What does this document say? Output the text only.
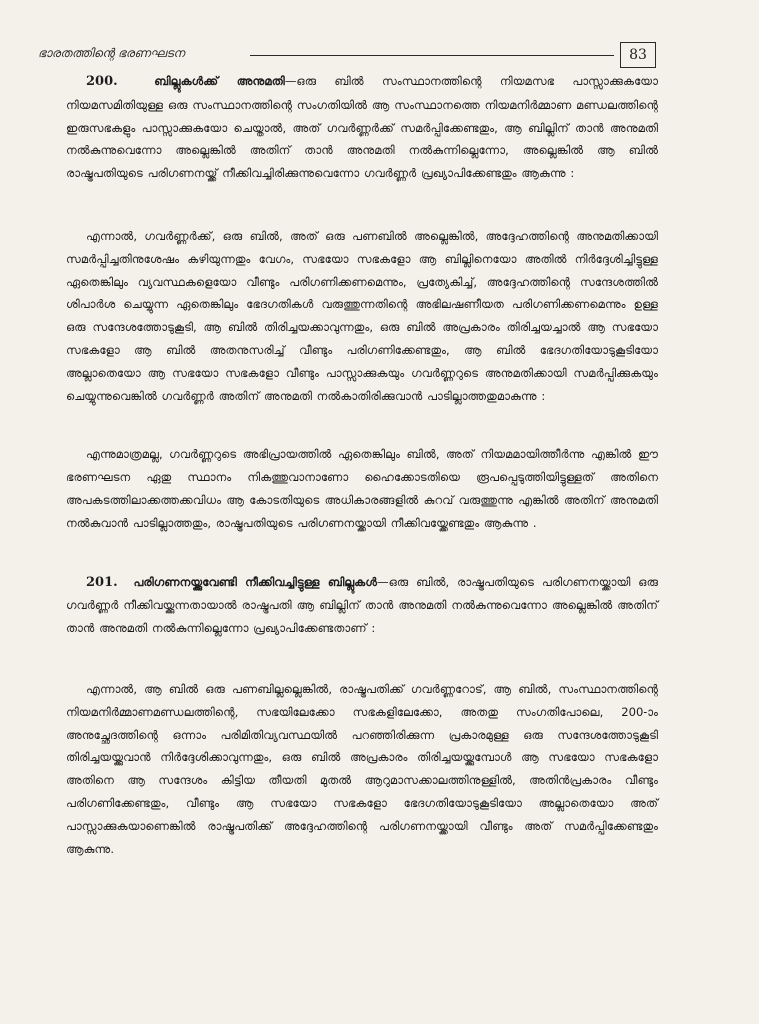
ഭാരതത്തിന്റെ ഭരണഘടന	83

200.	ബില്ലുകൾക്ക് അനുമതി—ഒരു ബിൽ സംസ്ഥാനത്തിന്റെ നിയമസഭ പാസ്സാക്കുകയോ നിയമസമിതിയുള്ള ഒരു സംസ്ഥാനത്തിന്റെ സംഗതിയിൽ ആ സംസ്ഥാനത്തെ നിയമനിർമ്മാണ മണ്ഡലത്തിന്റെ ഇരുസഭകളും പാസ്സാക്കുകയോ ചെയ്താൽ, അത് ഗവർണ്ണർക്ക് സമർപ്പിക്കേണ്ടതും, ആ ബില്ലിന് താൻ അനുമതി നൽകുന്നുവെന്നോ അല്ലെങ്കിൽ അതിന് താൻ അനുമതി നൽകുന്നില്ലെന്നോ, അല്ലെങ്കിൽ ആ ബിൽ രാഷ്ട്രപതിയുടെ പരിഗണനയ്ക്ക് നീക്കിവച്ചിരിക്കുന്നുവെന്നോ ഗവർണ്ണർ പ്രഖ്യാപിക്കേണ്ടതും ആകുന്നു :

എന്നാൽ, ഗവർണ്ണർക്ക്, ഒരു ബിൽ, അത് ഒരു പണബിൽ അല്ലെങ്കിൽ, അദ്ദേഹത്തിന്റെ അനുമതിക്കായി സമർപ്പിച്ചതിനുശേഷം കഴിയുന്നതും വേഗം, സഭയോ സഭകളോ ആ ബില്ലിനെയോ അതിൽ നിർദ്ദേശിച്ചിട്ടുള്ള ഏതെങ്കിലും വ്യവസ്ഥകളെയോ വീണ്ടും പരിഗണിക്കണമെന്നും, പ്രത്യേകിച്ച്, അദ്ദേഹത്തിന്റെ സന്ദേശത്തിൽ ശിപാർശ ചെയ്യുന്ന ഏതെങ്കിലും ഭേദഗതികൾ വരുത്തുന്നതിന്റെ അഭിലഷണീയത പരിഗണിക്കണമെന്നും ഉള്ള ഒരു സന്ദേശത്തോടുകൂടി, ആ ബിൽ തിരിച്ചയക്കാവുന്നതും, ഒരു ബിൽ അപ്രകാരം തിരിച്ചയച്ചാൽ ആ സഭയോ സഭകളോ ആ ബിൽ അതനുസരിച്ച് വീണ്ടും പരിഗണിക്കേണ്ടതും, ആ ബിൽ ഭേദഗതിയോടുകൂടിയോ അല്ലാതെയോ ആ സഭയോ സഭകളോ വീണ്ടും പാസ്സാക്കുകയും ഗവർണ്ണറുടെ അനുമതിക്കായി സമർപ്പിക്കുകയും ചെയ്യുന്നുവെങ്കിൽ ഗവർണ്ണർ അതിന് അനുമതി നൽകാതിരിക്കുവാൻ പാടില്ലാത്തതുമാകുന്നു :

എന്നുമാത്രമല്ല, ഗവർണ്ണറുടെ അഭിപ്രായത്തിൽ ഏതെങ്കിലും ബിൽ, അത് നിയമമായിത്തീർന്നു എങ്കിൽ ഈ ഭരണഘടന ഏതു സ്ഥാനം നികത്തുവാനാണോ ഹൈക്കോടതിയെ രൂപപ്പെടുത്തിയിട്ടുള്ളത് അതിനെ അപകടത്തിലാക്കത്തക്കവിധം ആ കോടതിയുടെ അധികാരങ്ങളിൽ കുറവ് വരുത്തുന്നു എങ്കിൽ അതിന് അനുമതി നൽകുവാൻ പാടില്ലാത്തതും, രാഷ്ട്രപതിയുടെ പരിഗണനയ്ക്കായി നീക്കിവയ്ക്കേണ്ടതും ആകുന്നു .

201. പരിഗണനയ്ക്കുവേണ്ടി നീക്കിവച്ചിട്ടുള്ള ബില്ലുകൾ—ഒരു ബിൽ, രാഷ്ട്രപതിയുടെ പരിഗണനയ്ക്കായി ഒരു ഗവർണ്ണർ നീക്കിവയ്ക്കുന്നതായാൽ രാഷ്ട്രപതി ആ ബില്ലിന് താൻ അനുമതി നൽകുന്നുവെന്നോ അല്ലെങ്കിൽ അതിന് താൻ അനുമതി നൽകുന്നില്ലെന്നോ പ്രഖ്യാപിക്കേണ്ടതാണ് :

എന്നാൽ, ആ ബിൽ ഒരു പണബില്ലല്ലെങ്കിൽ, രാഷ്ട്രപതിക്ക് ഗവർണ്ണറോട്, ആ ബിൽ, സംസ്ഥാനത്തിന്റെ നിയമനിർമ്മാണമണ്ഡലത്തിന്റെ, സഭയിലേക്കോ സഭകളിലേക്കോ, അതതു സംഗതിപോലെ, 200-ാം അനുച്ഛേദത്തിന്റെ ഒന്നാം പരിമിതിവ്യവസ്ഥയിൽ പറഞ്ഞിരിക്കുന്ന പ്രകാരമുള്ള ഒരു സന്ദേശത്തോടുകൂടി തിരിച്ചയയ്ക്കുവാൻ നിർദ്ദേശിക്കാവുന്നതും, ഒരു ബിൽ അപ്രകാരം തിരിച്ചയയ്ക്കുമ്പോൾ ആ സഭയോ സഭകളോ അതിനെ ആ സന്ദേശം കിട്ടിയ തീയതി മുതൽ ആറുമാസക്കാലത്തിനുള്ളിൽ, അതിൻപ്രകാരം വീണ്ടും പരിഗണിക്കേണ്ടതും, വീണ്ടും ആ സഭയോ സഭകളോ ഭേദഗതിയോടുകൂടിയോ അല്ലാതെയോ അത് പാസ്സാക്കുകയാണെങ്കിൽ രാഷ്ട്രപതിക്ക് അദ്ദേഹത്തിന്റെ പരിഗണനയ്ക്കായി വീണ്ടും അത് സമർപ്പിക്കേണ്ടതും ആകുന്നു.
